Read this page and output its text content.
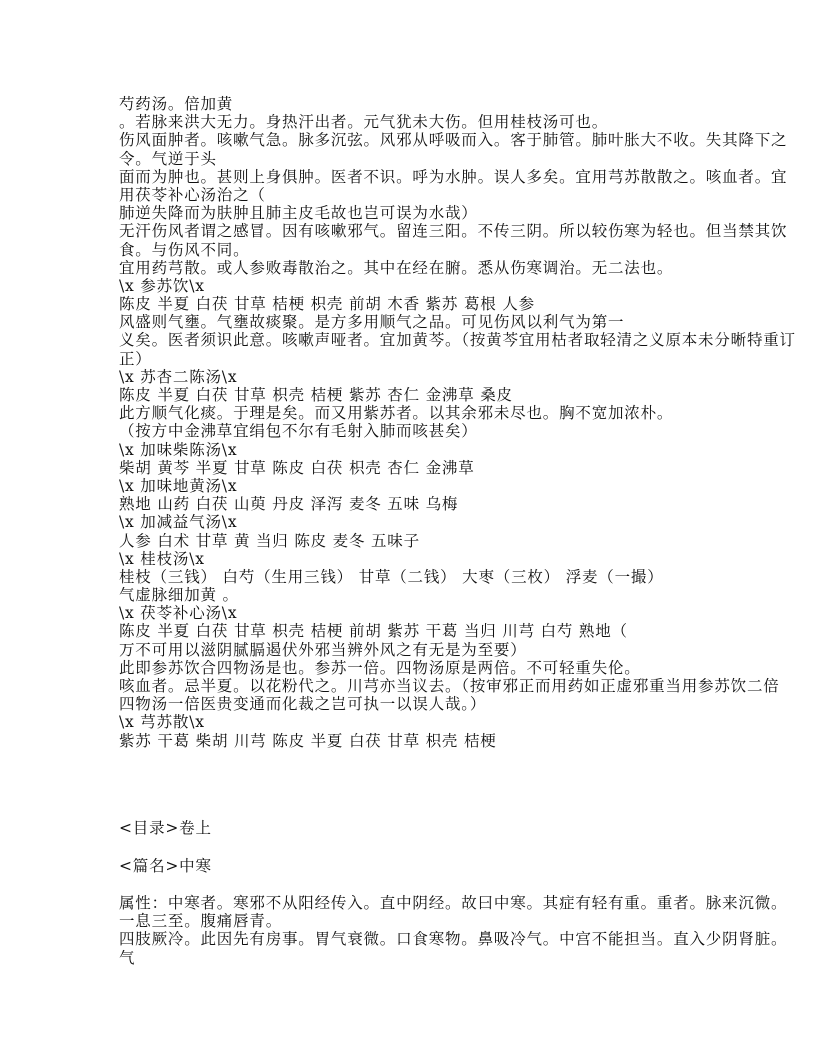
芍药汤。倍加黄
。若脉来洪大无力。身热汗出者。元气犹未大伤。但用桂枝汤可也。
伤风面肿者。咳嗽气急。脉多沉弦。风邪从呼吸而入。客于肺管。肺叶胀大不收。失其降下之
令。气逆于头
面而为肿也。甚则上身俱肿。医者不识。呼为水肿。误人多矣。宜用芎苏散散之。咳血者。宜
用茯苓补心汤治之（
肺逆失降而为肤肿且肺主皮毛故也岂可误为水哉）
无汗伤风者谓之感冒。因有咳嗽邪气。留连三阳。不传三阴。所以较伤寒为轻也。但当禁其饮
食。与伤风不同。
宜用药芎散。或人参败毒散治之。其中在经在腑。悉从伤寒调治。无二法也。
\x 参苏饮\x
陈皮 半夏 白茯 甘草 桔梗 枳壳 前胡 木香 紫苏 葛根 人参
风盛则气壅。气壅故痰聚。是方多用顺气之品。可见伤风以利气为第一
义矣。医者须识此意。咳嗽声哑者。宜加黄芩。（按黄芩宜用枯者取轻清之义原本未分晰特重订
正）
\x 苏杏二陈汤\x
陈皮 半夏 白茯 甘草 枳壳 桔梗 紫苏 杏仁 金沸草 桑皮
此方顺气化痰。于理是矣。而又用紫苏者。以其余邪未尽也。胸不宽加浓朴。
（按方中金沸草宜绢包不尔有毛射入肺而咳甚矣）
\x 加味柴陈汤\x
柴胡 黄芩 半夏 甘草 陈皮 白茯 枳壳 杏仁 金沸草
\x 加味地黄汤\x
熟地 山药 白茯 山萸 丹皮 泽泻 麦冬 五味 乌梅
\x 加减益气汤\x
人参 白术 甘草 黄 当归 陈皮 麦冬 五味子
\x 桂枝汤\x
桂枝（三钱） 白芍（生用三钱） 甘草（二钱） 大枣（三枚） 浮麦（一撮）
气虚脉细加黄 。
\x 茯苓补心汤\x
陈皮 半夏 白茯 甘草 枳壳 桔梗 前胡 紫苏 干葛 当归 川芎 白芍 熟地（
万不可用以滋阴腻膈遏伏外邪当辨外风之有无是为至要）
此即参苏饮合四物汤是也。参苏一倍。四物汤原是两倍。不可轻重失伦。
咳血者。忌半夏。以花粉代之。川芎亦当议去。（按审邪正而用药如正虚邪重当用参苏饮二倍
四物汤一倍医贵变通而化裁之岂可执一以误人哉。）
\x 芎苏散\x
紫苏 干葛 柴胡 川芎 陈皮 半夏 白茯 甘草 枳壳 桔梗
<目录>卷上
<篇名>中寒
属性：中寒者。寒邪不从阳经传入。直中阴经。故曰中寒。其症有轻有重。重者。脉来沉微。
一息三至。腹痛唇青。
四肢厥冷。此因先有房事。胃气衰微。口食寒物。鼻吸冷气。中宫不能担当。直入少阴肾脏。
气
